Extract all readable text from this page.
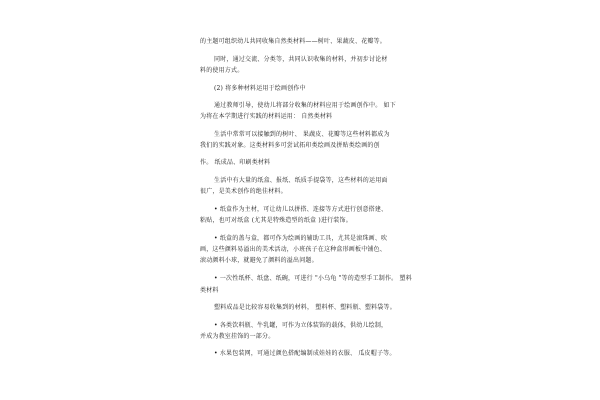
的主题可组织幼儿共同收集自然类材料——树叶、果蔬皮、花瓣等。
同时，通过交流、分类等，共同认识收集的材料，并初步讨论材
料的使用方式。
(2) 将多种材料运用于绘画创作中
通过教师引导，使幼儿将部分收集的材料应用于绘画创作中。 如下
为将在本学期进行实践的材料运用： 自然类材料
生活中常常可以接触到的树叶、 果蔬皮、花瓣等这些材料都成为
我们的实践对象。这类材料多可尝试拓印类绘画及拼贴类绘画的创
作。 纸成品、印刷类材料
生活中有大量的纸盒、报纸、纸质手提袋等，这些材料的运用面
很广，是美术创作的绝佳材料。
• 纸盒作为主材，可让幼儿以拼搭、连接等方式进行创意搭建、
粘贴，也可对纸盒 (尤其是特殊造型的纸盒 )进行装饰。
• 纸盒的盖与盒，都可作为绘画的辅助工具，尤其是滚珠画、吹
画，这些颜料易溢出的美术活动，小班孩子在这种盒形画板中铺色、
滚动颜料小球，就避免了颜料的溢出问题。
• 一次性纸杯、纸盘、纸碗，可进行 "小乌龟 "等的造型手工制作。 塑料
类材料
塑料成品是比较容易收集到的材料， 塑料杯、塑料瓶、塑料袋等。
• 各类饮料瓶、牛乳罐，可作为立体装饰的载体，供幼儿绘制，
并成为教室挂饰的一部分。
• 水果包装网，可通过颜色搭配编制成娃娃的衣服、 瓜皮帽子等。
